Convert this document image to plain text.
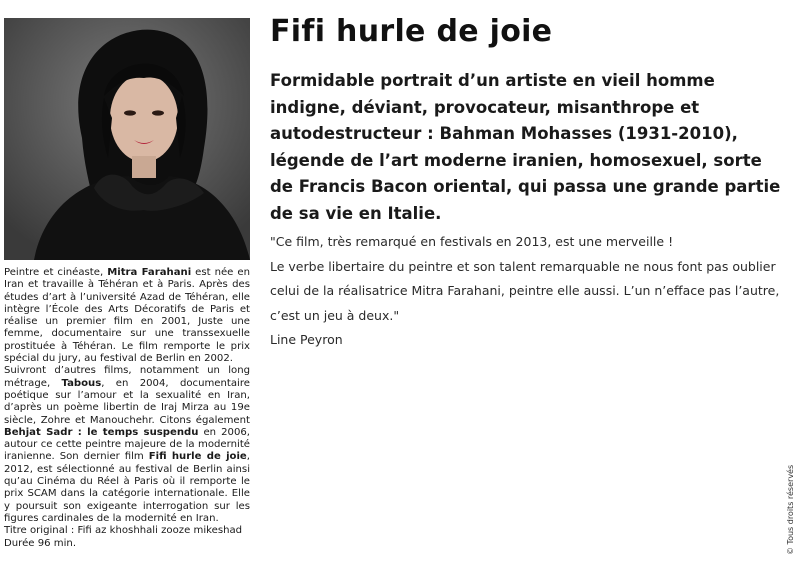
Peintre et cinéaste, Mitra Farahani est née en Iran et travaille à Téhéran et à Paris. Après des études d’art à l’université Azad de Téhéran, elle intègre l’École des Arts Décoratifs de Paris et réalise un premier film en 2001, Juste une femme, documentaire sur une transsexuelle prostituée à Téhéran. Le film remporte le prix spécial du jury, au festival de Berlin en 2002.

Suivront d’autres films, notamment un long métrage, Tabous, en 2004, documentaire poétique sur l’amour et la sexualité en Iran, d’après un poème libertin de Iraj Mirza au 19e siècle, Zohre et Manouchehr. Citons également Behjat Sadr : le temps suspendu en 2006, autour ce cette peintre majeure de la modernité iranienne. Son dernier film Fifi hurle de joie, 2012, est sélectionné au festival de Berlin ainsi qu’au Cinéma du Réel à Paris où il remporte le prix SCAM dans la catégorie internationale. Elle y poursuit son exigeante interrogation sur les figures cardinales de la modernité en Iran.

Titre original : Fifi az khoshhali zooze mikeshad

Durée 96 min.

Fifi hurle de joie

Formidable portrait d’un artiste en vieil homme indigne, déviant, provocateur, misanthrope et autodestructeur : Bahman Mohasses (1931-2010), légende de l’art moderne iranien, homosexuel, sorte de Francis Bacon oriental, qui passa une grande partie de sa vie en Italie.

"Ce film, très remarqué en festivals en 2013, est une merveille !
Le verbe libertaire du peintre et son talent remarquable ne nous font pas oublier
celui de la réalisatrice Mitra Farahani, peintre elle aussi. L’un n’efface pas l’autre,
c’est un jeu à deux."
Line Peyron
© Tous droits réservés
